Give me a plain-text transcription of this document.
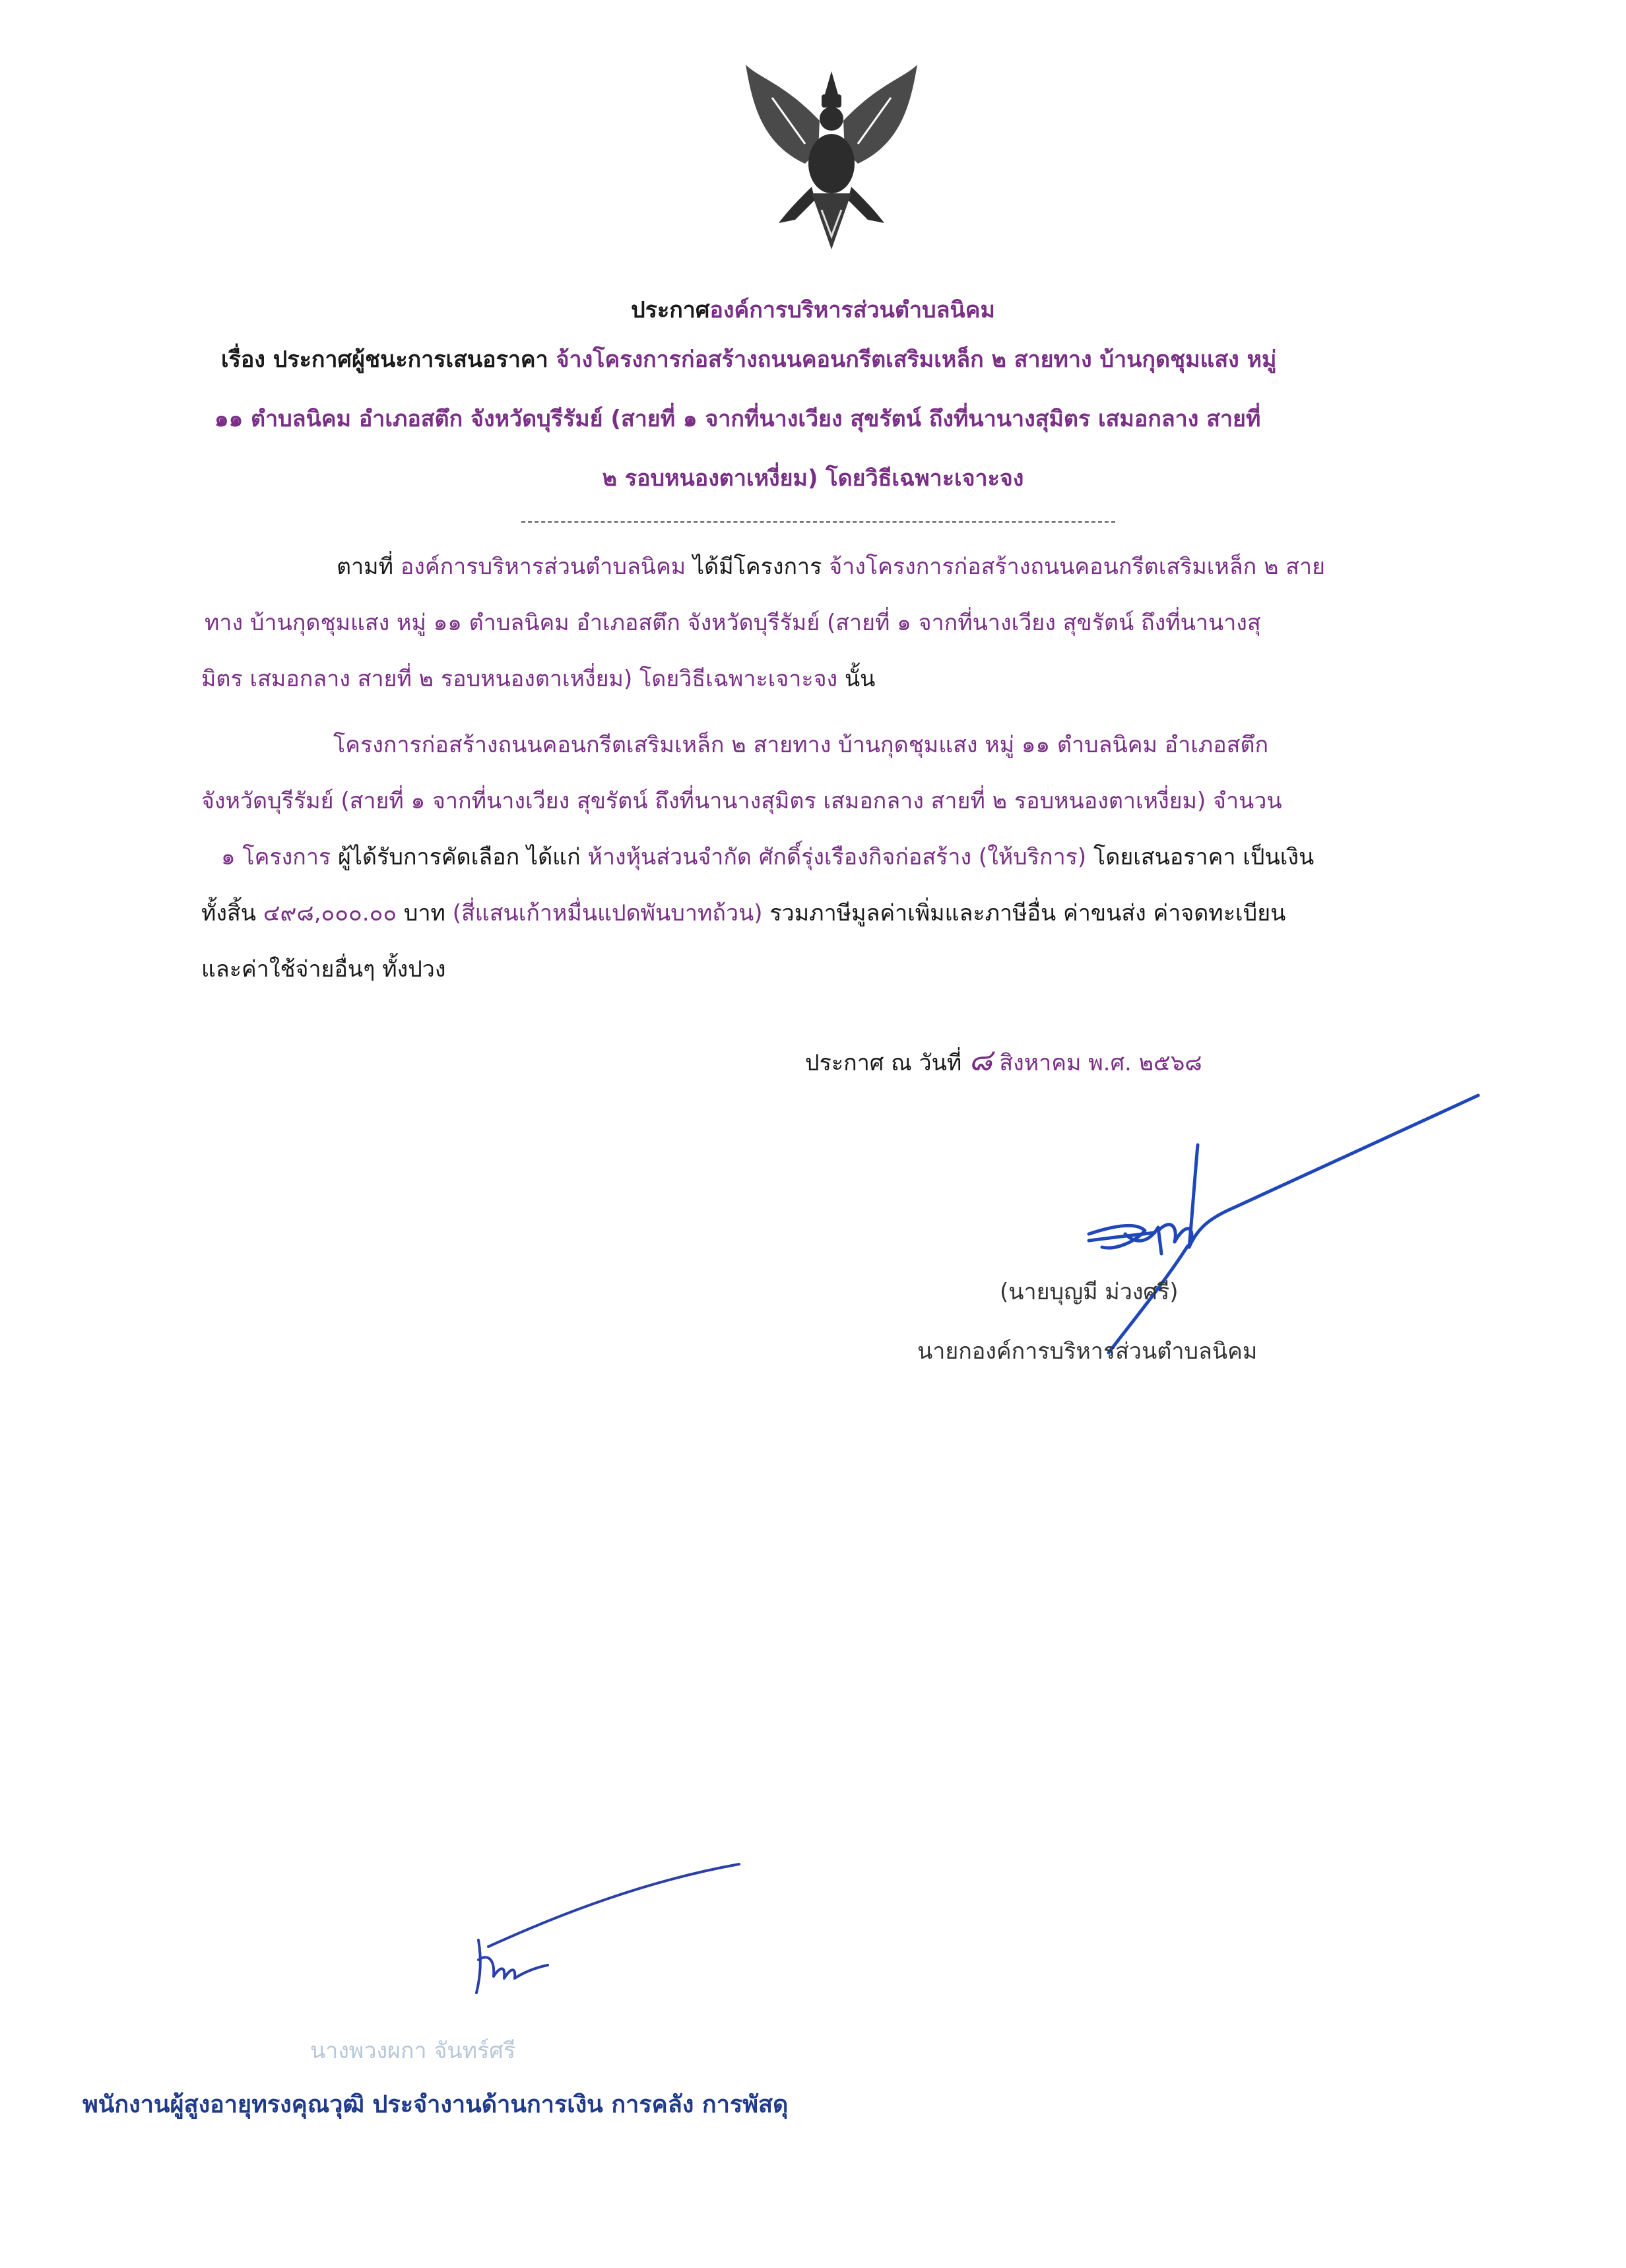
ประกาศองค์การบริหารส่วนตำบลนิคม
เรื่อง ประกาศผู้ชนะการเสนอราคา จ้างโครงการก่อสร้างถนนคอนกรีตเสริมเหล็ก ๒ สายทาง บ้านกุดชุมแสง หมู่
๑๑ ตำบลนิคม อำเภอสตึก จังหวัดบุรีรัมย์ (สายที่ ๑ จากที่นางเวียง สุขรัตน์ ถึงที่นานางสุมิตร เสมอกลาง สายที่
๒ รอบหนองตาเหงี่ยม) โดยวิธีเฉพาะเจาะจง
ตามที่ องค์การบริหารส่วนตำบลนิคม ได้มีโครงการ จ้างโครงการก่อสร้างถนนคอนกรีตเสริมเหล็ก ๒ สาย
ทาง บ้านกุดชุมแสง หมู่ ๑๑ ตำบลนิคม อำเภอสตึก จังหวัดบุรีรัมย์ (สายที่ ๑ จากที่นางเวียง สุขรัตน์ ถึงที่นานางสุ
มิตร เสมอกลาง สายที่ ๒ รอบหนองตาเหงี่ยม) โดยวิธีเฉพาะเจาะจง นั้น
โครงการก่อสร้างถนนคอนกรีตเสริมเหล็ก ๒ สายทาง บ้านกุดชุมแสง หมู่ ๑๑ ตำบลนิคม อำเภอสตึก
จังหวัดบุรีรัมย์ (สายที่ ๑ จากที่นางเวียง สุขรัตน์ ถึงที่นานางสุมิตร เสมอกลาง สายที่ ๒ รอบหนองตาเหงี่ยม) จำนวน
๑ โครงการ ผู้ได้รับการคัดเลือก ได้แก่ ห้างหุ้นส่วนจำกัด ศักดิ์รุ่งเรืองกิจก่อสร้าง (ให้บริการ) โดยเสนอราคา เป็นเงิน
ทั้งสิ้น ๔๙๘,๐๐๐.๐๐ บาท (สี่แสนเก้าหมื่นแปดพันบาทถ้วน) รวมภาษีมูลค่าเพิ่มและภาษีอื่น ค่าขนส่ง ค่าจดทะเบียน
และค่าใช้จ่ายอื่นๆ ทั้งปวง
ประกาศ ณ วันที่ ๘ สิงหาคม พ.ศ. ๒๕๖๘
(นายบุญมี ม่วงศรี)
นายกองค์การบริหารส่วนตำบลนิคม
นางพวงผกา จันทร์ศรี
พนักงานผู้สูงอายุทรงคุณวุฒิ ประจำงานด้านการเงิน การคลัง การพัสดุ
